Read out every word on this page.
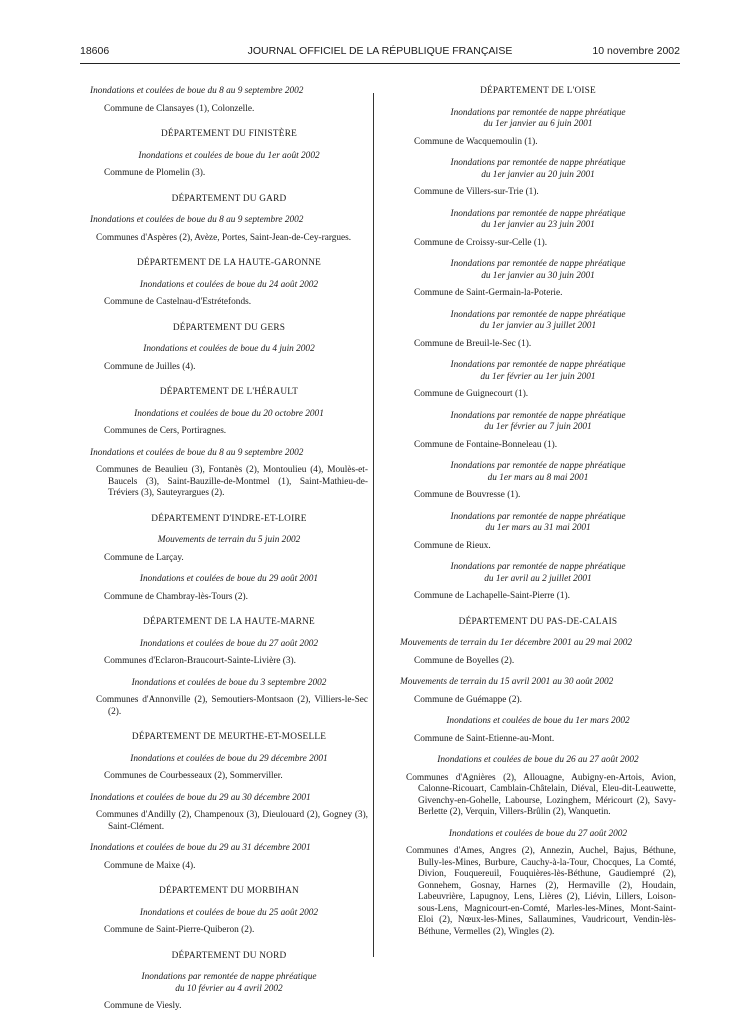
18606	JOURNAL OFFICIEL DE LA RÉPUBLIQUE FRANÇAISE	10 novembre 2002

Inondations et coulées de boue du 8 au 9 septembre 2002

Commune de Clansayes (1), Colonzelle.

DÉPARTEMENT DU FINISTÈRE

Inondations et coulées de boue du 1er août 2002

Commune de Plomelin (3).

DÉPARTEMENT DU GARD

Inondations et coulées de boue du 8 au 9 septembre 2002

Communes d'Aspères (2), Avèze, Portes, Saint-Jean-de-Cey-rargues.

DÉPARTEMENT DE LA HAUTE-GARONNE

Inondations et coulées de boue du 24 août 2002

Commune de Castelnau-d'Estrétefonds.

DÉPARTEMENT DU GERS

Inondations et coulées de boue du 4 juin 2002

Commune de Juilles (4).

DÉPARTEMENT DE L'HÉRAULT

Inondations et coulées de boue du 20 octobre 2001

Communes de Cers, Portiragnes.

Inondations et coulées de boue du 8 au 9 septembre 2002

Communes de Beaulieu (3), Fontanès (2), Montoulieu (4), Moulès-et-Baucels (3), Saint-Bauzille-de-Montmel (1), Saint-Mathieu-de-Tréviers (3), Sauteyrargues (2).

DÉPARTEMENT D'INDRE-ET-LOIRE

Mouvements de terrain du 5 juin 2002

Commune de Larçay.

Inondations et coulées de boue du 29 août 2001

Commune de Chambray-lès-Tours (2).

DÉPARTEMENT DE LA HAUTE-MARNE

Inondations et coulées de boue du 27 août 2002

Communes d'Eclaron-Braucourt-Sainte-Livière (3).

Inondations et coulées de boue du 3 septembre 2002

Communes d'Annonville (2), Semoutiers-Montsaon (2), Villiers-le-Sec (2).

DÉPARTEMENT DE MEURTHE-ET-MOSELLE

Inondations et coulées de boue du 29 décembre 2001

Communes de Courbesseaux (2), Sommerviller.

Inondations et coulées de boue du 29 au 30 décembre 2001

Communes d'Andilly (2), Champenoux (3), Dieulouard (2), Gogney (3), Saint-Clément.

Inondations et coulées de boue du 29 au 31 décembre 2001

Commune de Maixe (4).

DÉPARTEMENT DU MORBIHAN

Inondations et coulées de boue du 25 août 2002

Commune de Saint-Pierre-Quiberon (2).

DÉPARTEMENT DU NORD

Inondations par remontée de nappe phréatique
du 10 février au 4 avril 2002

Commune de Viesly.

DÉPARTEMENT DE L'OISE

Inondations par remontée de nappe phréatique
du 1er janvier au 6 juin 2001

Commune de Wacquemoulin (1).

Inondations par remontée de nappe phréatique
du 1er janvier au 20 juin 2001

Commune de Villers-sur-Trie (1).

Inondations par remontée de nappe phréatique
du 1er janvier au 23 juin 2001

Commune de Croissy-sur-Celle (1).

Inondations par remontée de nappe phréatique
du 1er janvier au 30 juin 2001

Commune de Saint-Germain-la-Poterie.

Inondations par remontée de nappe phréatique
du 1er janvier au 3 juillet 2001

Commune de Breuil-le-Sec (1).

Inondations par remontée de nappe phréatique
du 1er février au 1er juin 2001

Commune de Guignecourt (1).

Inondations par remontée de nappe phréatique
du 1er février au 7 juin 2001

Commune de Fontaine-Bonneleau (1).

Inondations par remontée de nappe phréatique
du 1er mars au 8 mai 2001

Commune de Bouvresse (1).

Inondations par remontée de nappe phréatique
du 1er mars au 31 mai 2001

Commune de Rieux.

Inondations par remontée de nappe phréatique
du 1er avril au 2 juillet 2001

Commune de Lachapelle-Saint-Pierre (1).

DÉPARTEMENT DU PAS-DE-CALAIS

Mouvements de terrain du 1er décembre 2001 au 29 mai 2002

Commune de Boyelles (2).

Mouvements de terrain du 15 avril 2001 au 30 août 2002

Commune de Guémappe (2).

Inondations et coulées de boue du 1er mars 2002

Commune de Saint-Etienne-au-Mont.

Inondations et coulées de boue du 26 au 27 août 2002

Communes d'Agnières (2), Allouagne, Aubigny-en-Artois, Avion, Calonne-Ricouart, Camblain-Châtelain, Diéval, Eleu-dit-Leauwette, Givenchy-en-Gohelle, Labourse, Lozinghem, Méricourt (2), Savy-Berlette (2), Verquin, Villers-Brûlin (2), Wanquetin.

Inondations et coulées de boue du 27 août 2002

Communes d'Ames, Angres (2), Annezin, Auchel, Bajus, Béthune, Bully-les-Mines, Burbure, Cauchy-à-la-Tour, Chocques, La Comté, Divion, Fouquereuil, Fouquières-lès-Béthune, Gaudiempré (2), Gonnehem, Gosnay, Harnes (2), Hermaville (2), Houdain, Labeuvrière, Lapugnoy, Lens, Lières (2), Liévin, Lillers, Loison-sous-Lens, Magnicourt-en-Comté, Marles-les-Mines, Mont-Saint-Eloi (2), Nœux-les-Mines, Sallaumines, Vaudricourt, Vendin-lès-Béthune, Vermelles (2), Wingles (2).
